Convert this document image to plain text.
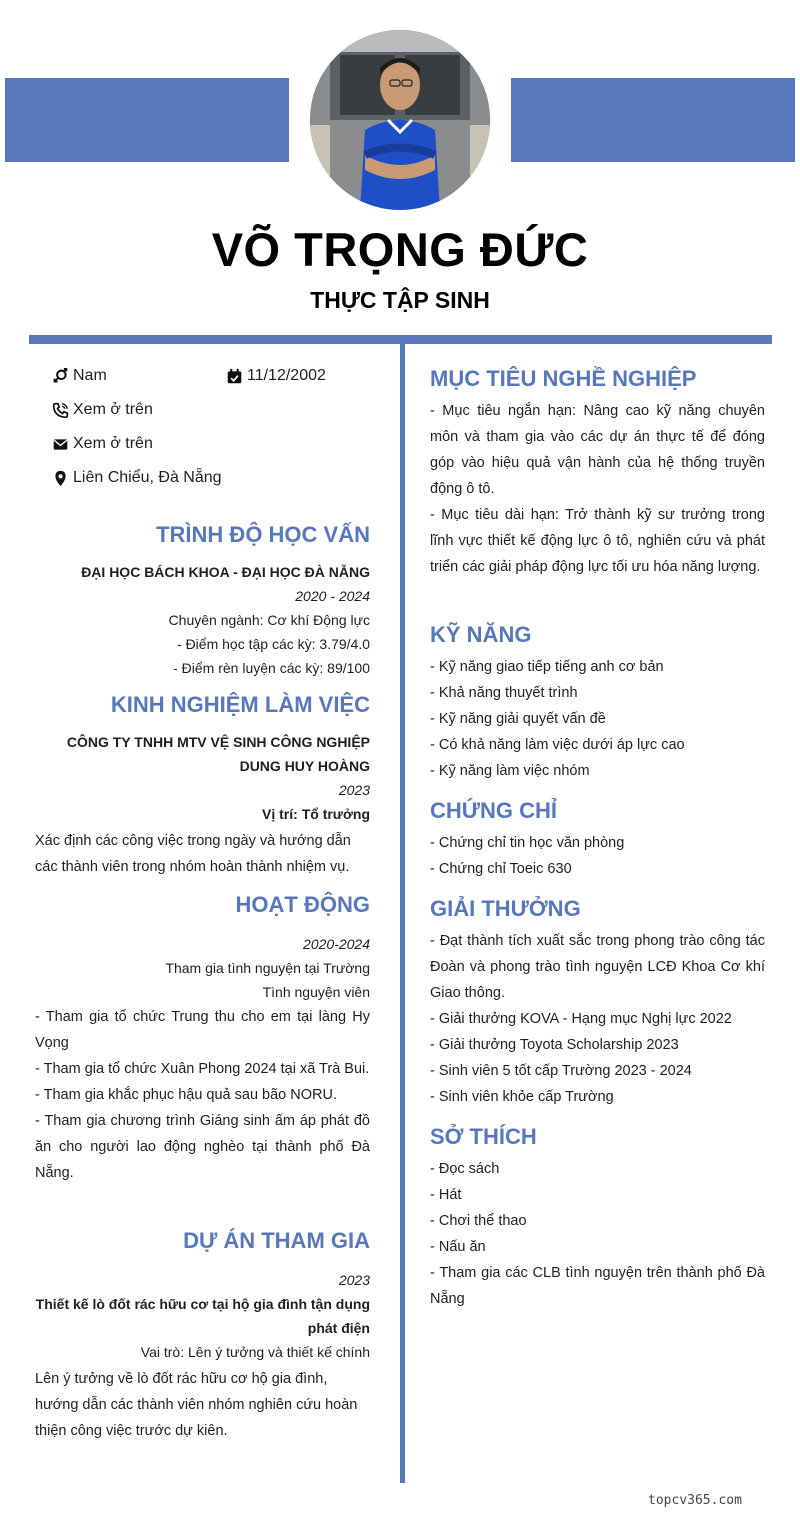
VÕ TRỌNG ĐỨC
THỰC TẬP SINH
Nam	11/12/2002
Xem ở trên
Xem ở trên
Liên Chiểu, Đà Nẵng
TRÌNH ĐỘ HỌC VẤN
ĐẠI HỌC BÁCH KHOA - ĐẠI HỌC ĐÀ NẴNG
2020 - 2024
Chuyên ngành: Cơ khí Động lực
- Điểm học tập các kỳ: 3.79/4.0
- Điểm rèn luyện các kỳ: 89/100
KINH NGHIỆM LÀM VIỆC
CÔNG TY TNHH MTV VỆ SINH CÔNG NGHIỆP
DUNG HUY HOÀNG
2023
Vị trí: Tổ trưởng
Xác định các công việc trong ngày và hướng dẫn các thành viên trong nhóm hoàn thành nhiệm vụ.
HOẠT ĐỘNG
2020-2024
Tham gia tình nguyện tại Trường
Tình nguyện viên
- Tham gia tổ chức Trung thu cho em tại làng Hy Vọng
- Tham gia tổ chức Xuân Phong 2024 tại xã Trà Bui.
- Tham gia khắc phục hậu quả sau bão NORU.
- Tham gia chương trình Giáng sinh ấm áp phát đồ ăn cho người lao động nghèo tại thành phố Đà Nẵng.
DỰ ÁN THAM GIA
2023
Thiết kế lò đốt rác hữu cơ tại hộ gia đình tận dụng phát điện
Vai trò: Lên ý tưởng và thiết kế chính
Lên ý tưởng về lò đốt rác hữu cơ hộ gia đình, hướng dẫn các thành viên nhóm nghiên cứu hoàn thiện công việc trước dự kiên.
MỤC TIÊU NGHỀ NGHIỆP
- Mục tiêu ngắn hạn: Nâng cao kỹ năng chuyên môn và tham gia vào các dự án thực tế để đóng góp vào hiệu quả vận hành của hệ thống truyền động ô tô.
- Mục tiêu dài hạn: Trở thành kỹ sư trưởng trong lĩnh vực thiết kế động lực ô tô, nghiên cứu và phát triển các giải pháp động lực tối ưu hóa năng lượng.
KỸ NĂNG
- Kỹ năng giao tiếp tiếng anh cơ bản
- Khả năng thuyết trình
- Kỹ năng giải quyết vấn đề
- Có khả năng làm việc dưới áp lực cao
- Kỹ năng làm việc nhóm
CHỨNG CHỈ
- Chứng chỉ tin học văn phòng
- Chứng chỉ Toeic 630
GIẢI THƯỞNG
- Đạt thành tích xuất sắc trong phong trào công tác Đoàn và phong trào tình nguyện LCĐ Khoa Cơ khí Giao thông.
- Giải thưởng KOVA - Hạng mục Nghị lực 2022
- Giải thưởng Toyota Scholarship 2023
- Sinh viên 5 tốt cấp Trường 2023 - 2024
- Sinh viên khỏe cấp Trường
SỞ THÍCH
- Đọc sách
- Hát
- Chơi thể thao
- Nấu ăn
- Tham gia các CLB tình nguyện trên thành phố Đà Nẵng
topcv365.com
